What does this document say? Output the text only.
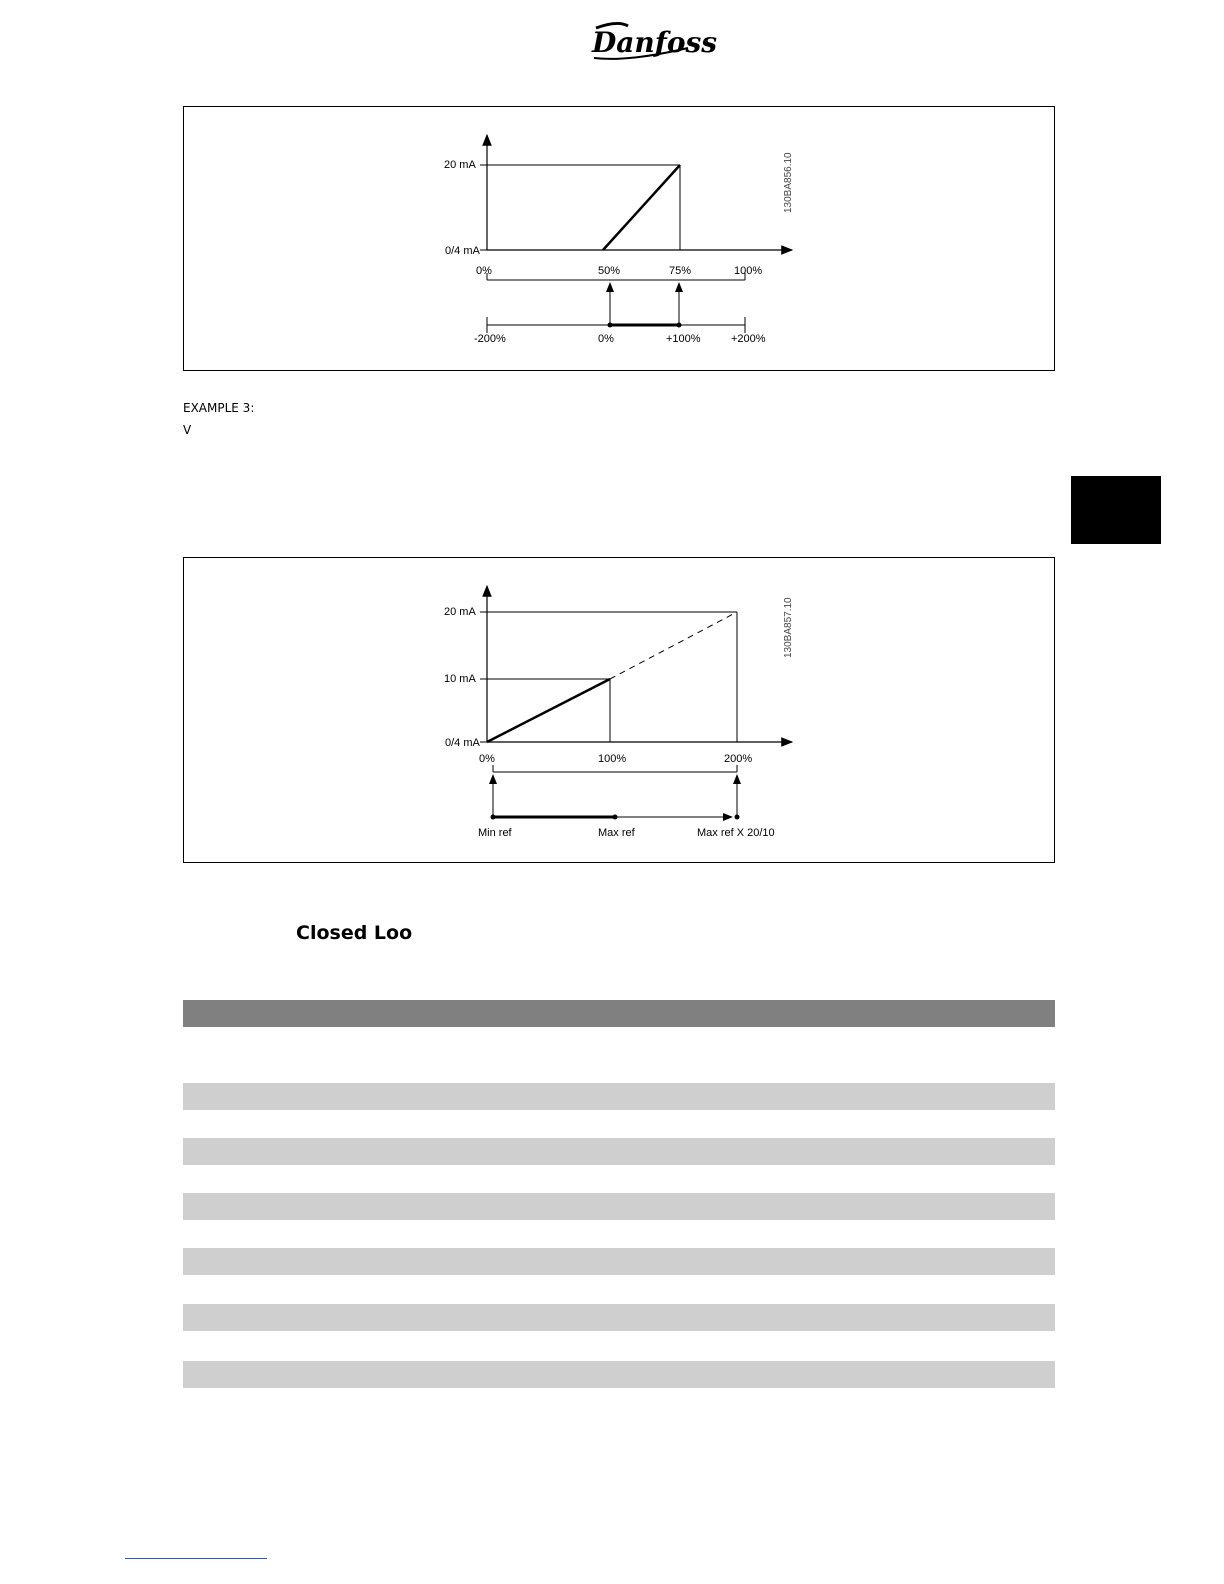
Danfoss
20 mA
0/4 mA
0%	50%	75%	100%
-200%	0%	+100%	+200%
130BA856.10
EXAMPLE 3:
V
20 mA
10 mA
0/4 mA
0%	100%	200%
Min ref	Max ref	Max ref X 20/10
130BA857.10
Closed Loo
